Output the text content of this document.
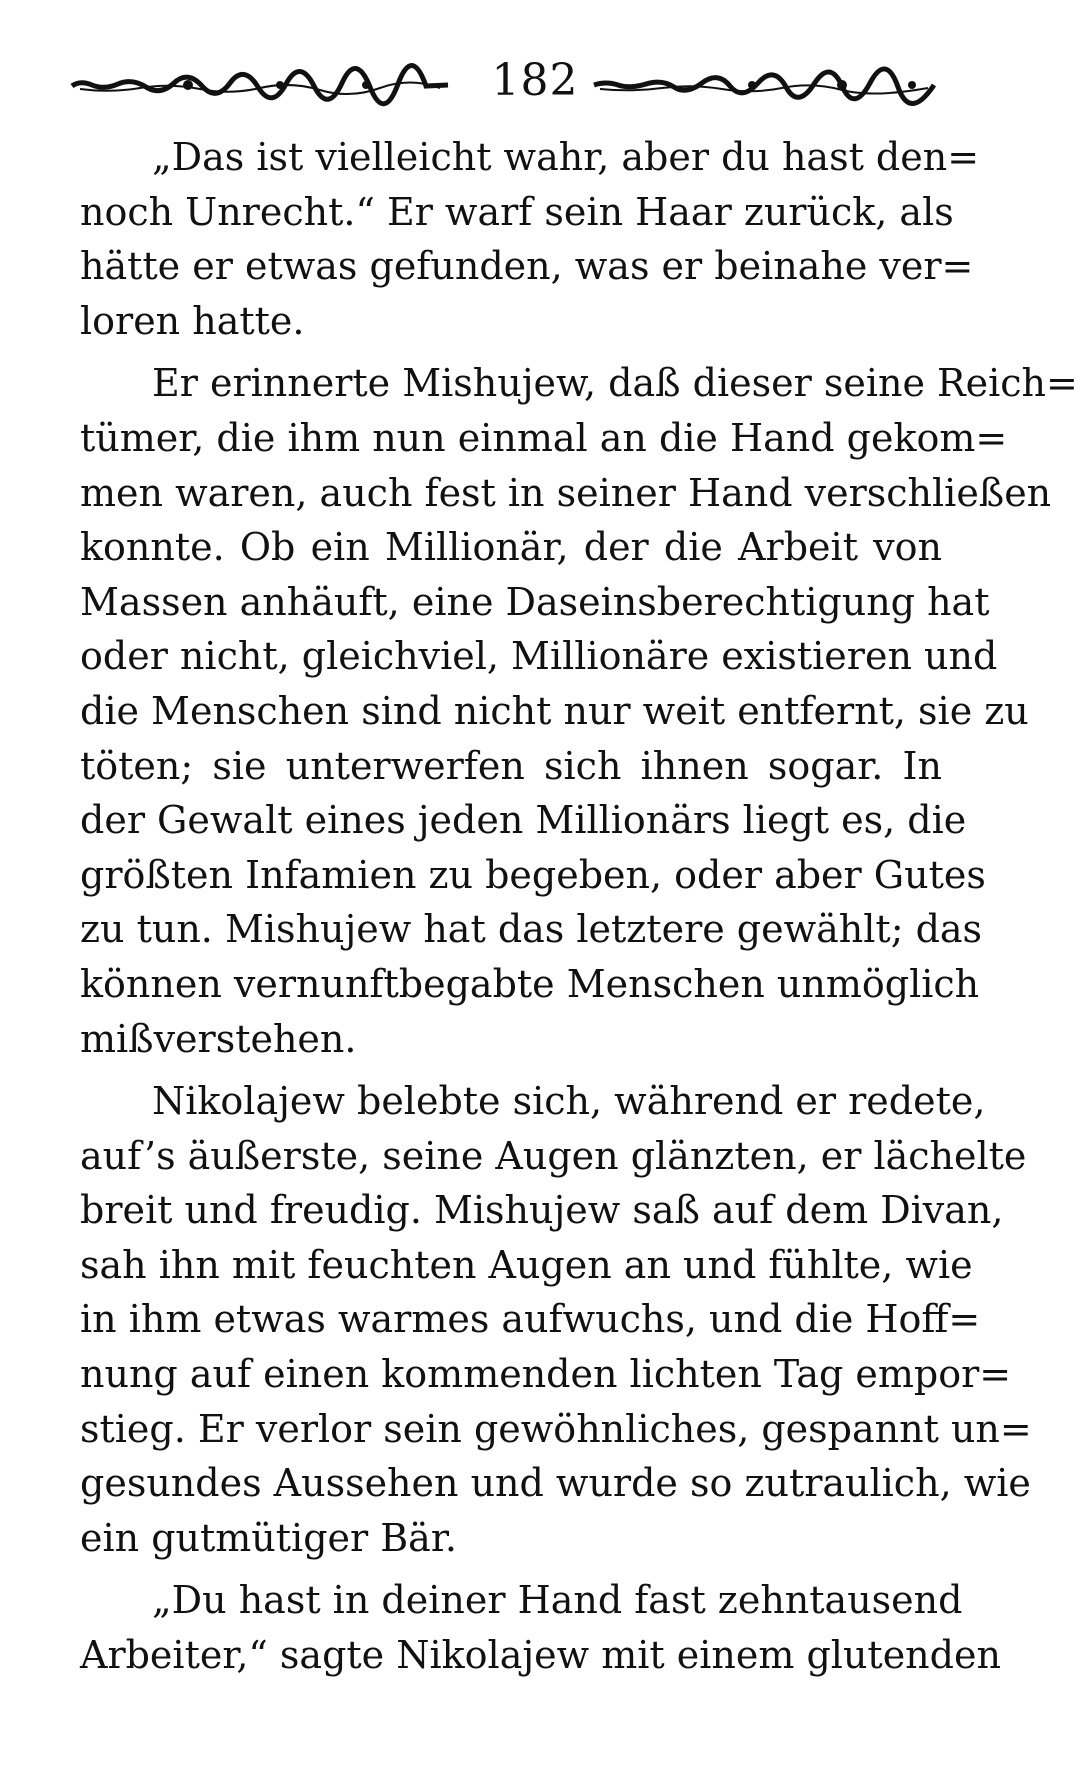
182
„Das ist vielleicht wahr, aber du hast den=
noch Unrecht.“ Er warf sein Haar zurück, als
hätte er etwas gefunden, was er beinahe ver=
loren hatte.
Er erinnerte Mishujew, daß dieser seine Reich=
tümer, die ihm nun einmal an die Hand gekom=
men waren, auch fest in seiner Hand verschließen
konnte. Ob ein Millionär, der die Arbeit von
Massen anhäuft, eine Daseinsberechtigung hat
oder nicht, gleichviel, Millionäre existieren und
die Menschen sind nicht nur weit entfernt, sie zu
töten; sie unterwerfen sich ihnen sogar. In
der Gewalt eines jeden Millionärs liegt es, die
größten Infamien zu begeben, oder aber Gutes
zu tun. Mishujew hat das letztere gewählt; das
können vernunftbegabte Menschen unmöglich
mißverstehen.
Nikolajew belebte sich, während er redete,
auf’s äußerste, seine Augen glänzten, er lächelte
breit und freudig. Mishujew saß auf dem Divan,
sah ihn mit feuchten Augen an und fühlte, wie
in ihm etwas warmes aufwuchs, und die Hoff=
nung auf einen kommenden lichten Tag empor=
stieg. Er verlor sein gewöhnliches, gespannt un=
gesundes Aussehen und wurde so zutraulich, wie
ein gutmütiger Bär.
„Du hast in deiner Hand fast zehntausend
Arbeiter,“ sagte Nikolajew mit einem glutenden
